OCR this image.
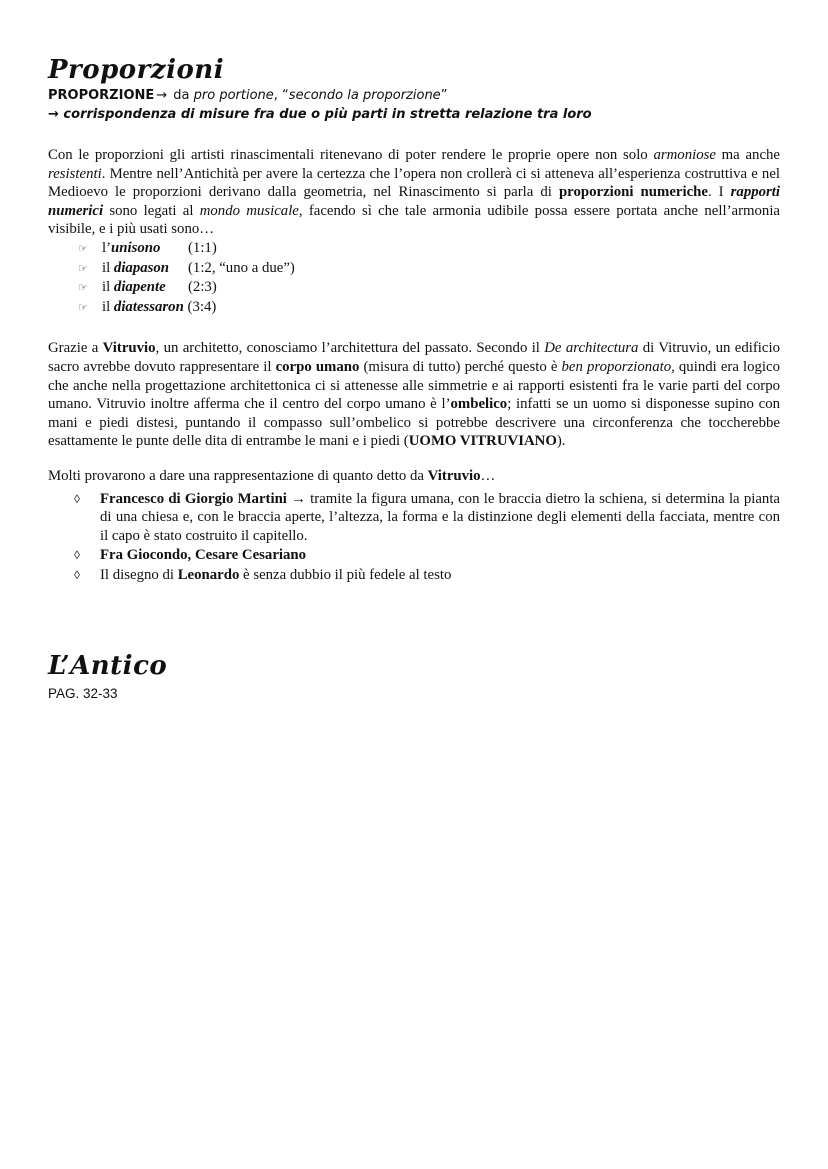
Proporzioni
PROPORZIONE → da pro portione, “secondo la proporzione”
→ corrispondenza di misure fra due o più parti in stretta relazione tra loro

Con le proporzioni gli artisti rinascimentali ritenevano di poter rendere le proprie opere non solo armoniose ma anche resistenti. Mentre nell’Antichità per avere la certezza che l’opera non crollerà ci si atteneva all’esperienza costruttiva e nel Medioevo le proporzioni derivano dalla geometria, nel Rinascimento si parla di proporzioni numeriche. I rapporti numerici sono legati al mondo musicale, facendo sì che tale armonia udibile possa essere portata anche nell’armonia visibile, e i più usati sono…

☞ l’unisono	(1:1)
☞ il diapason	(1:2, “uno a due”)
☞ il diapente	(2:3)
☞ il diatessaron (3:4)

Grazie a Vitruvio, un architetto, conosciamo l’architettura del passato. Secondo il De architectura di Vitruvio, un edificio sacro avrebbe dovuto rappresentare il corpo umano (misura di tutto) perché questo è ben proporzionato, quindi era logico che anche nella progettazione architettonica ci si attenesse alle simmetrie e ai rapporti esistenti fra le varie parti del corpo umano. Vitruvio inoltre afferma che il centro del corpo umano è l’ombelico; infatti se un uomo si disponesse supino con mani e piedi distesi, puntando il compasso sull’ombelico si potrebbe descrivere una circonferenza che toccherebbe esattamente le punte delle dita di entrambe le mani e i piedi (UOMO VITRUVIANO).

Molti provarono a dare una rappresentazione di quanto detto da Vitruvio…

◊	Francesco di Giorgio Martini → tramite la figura umana, con le braccia dietro la schiena, si determina la pianta di una chiesa e, con le braccia aperte, l’altezza, la forma e la distinzione degli elementi della facciata, mentre con il capo è stato costruito il capitello.
◊	Fra Giocondo, Cesare Cesariano
◊	Il disegno di Leonardo è senza dubbio il più fedele al testo
L’Antico
PAG. 32-33
